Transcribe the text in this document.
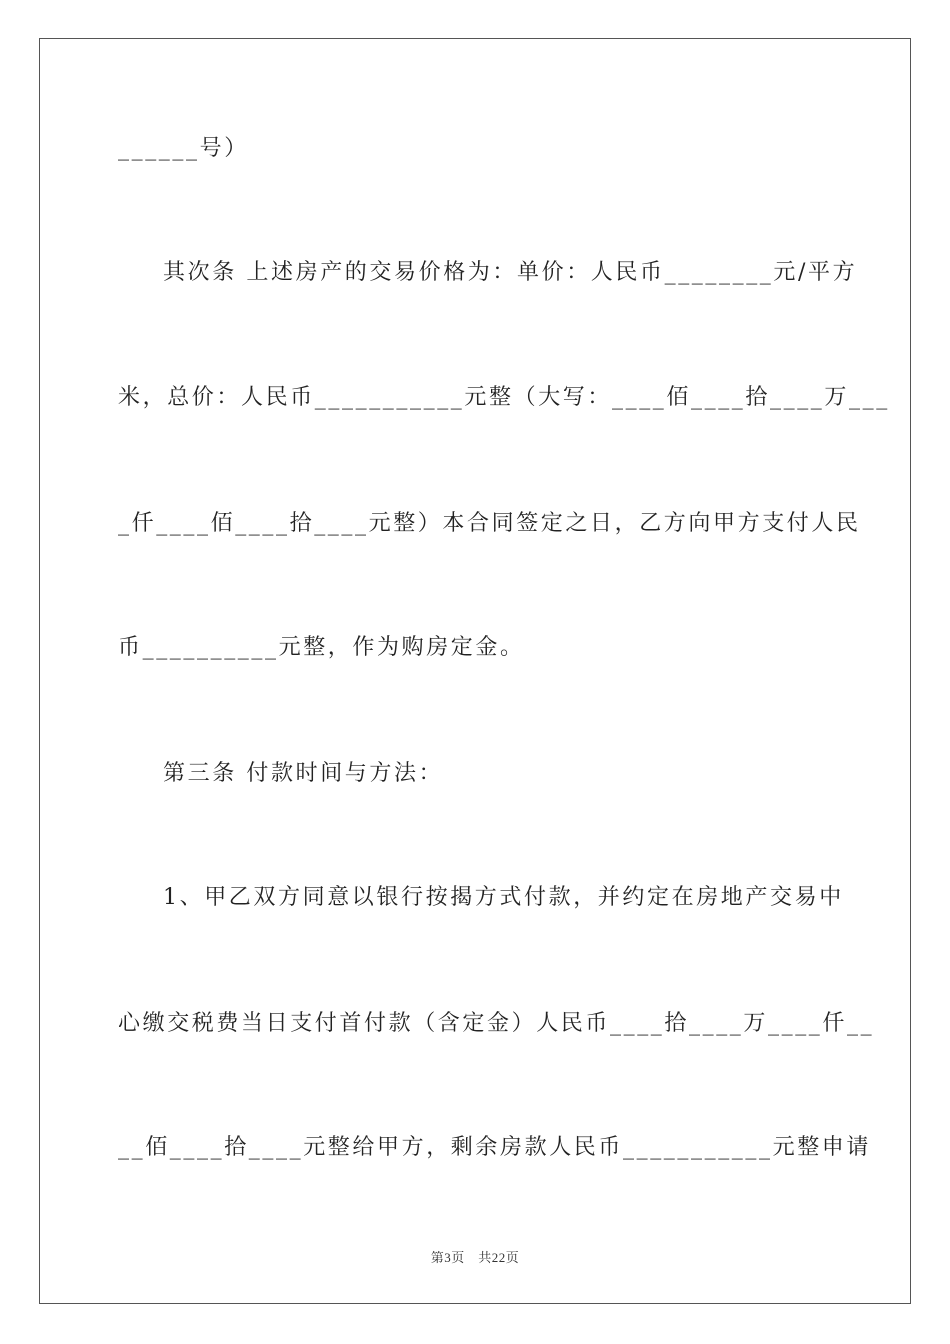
______号）
其次条 上述房产的交易价格为：单价：人民币________元/平方
米，总价：人民币___________元整（大写：____佰____拾____万___
_仟____佰____拾____元整）本合同签定之日，乙方向甲方支付人民
币__________元整，作为购房定金。
第三条 付款时间与方法：
1、甲乙双方同意以银行按揭方式付款，并约定在房地产交易中
心缴交税费当日支付首付款（含定金）人民币____拾____万____仟__
__佰____拾____元整给甲方，剩余房款人民币___________元整申请
第3页　共22页
